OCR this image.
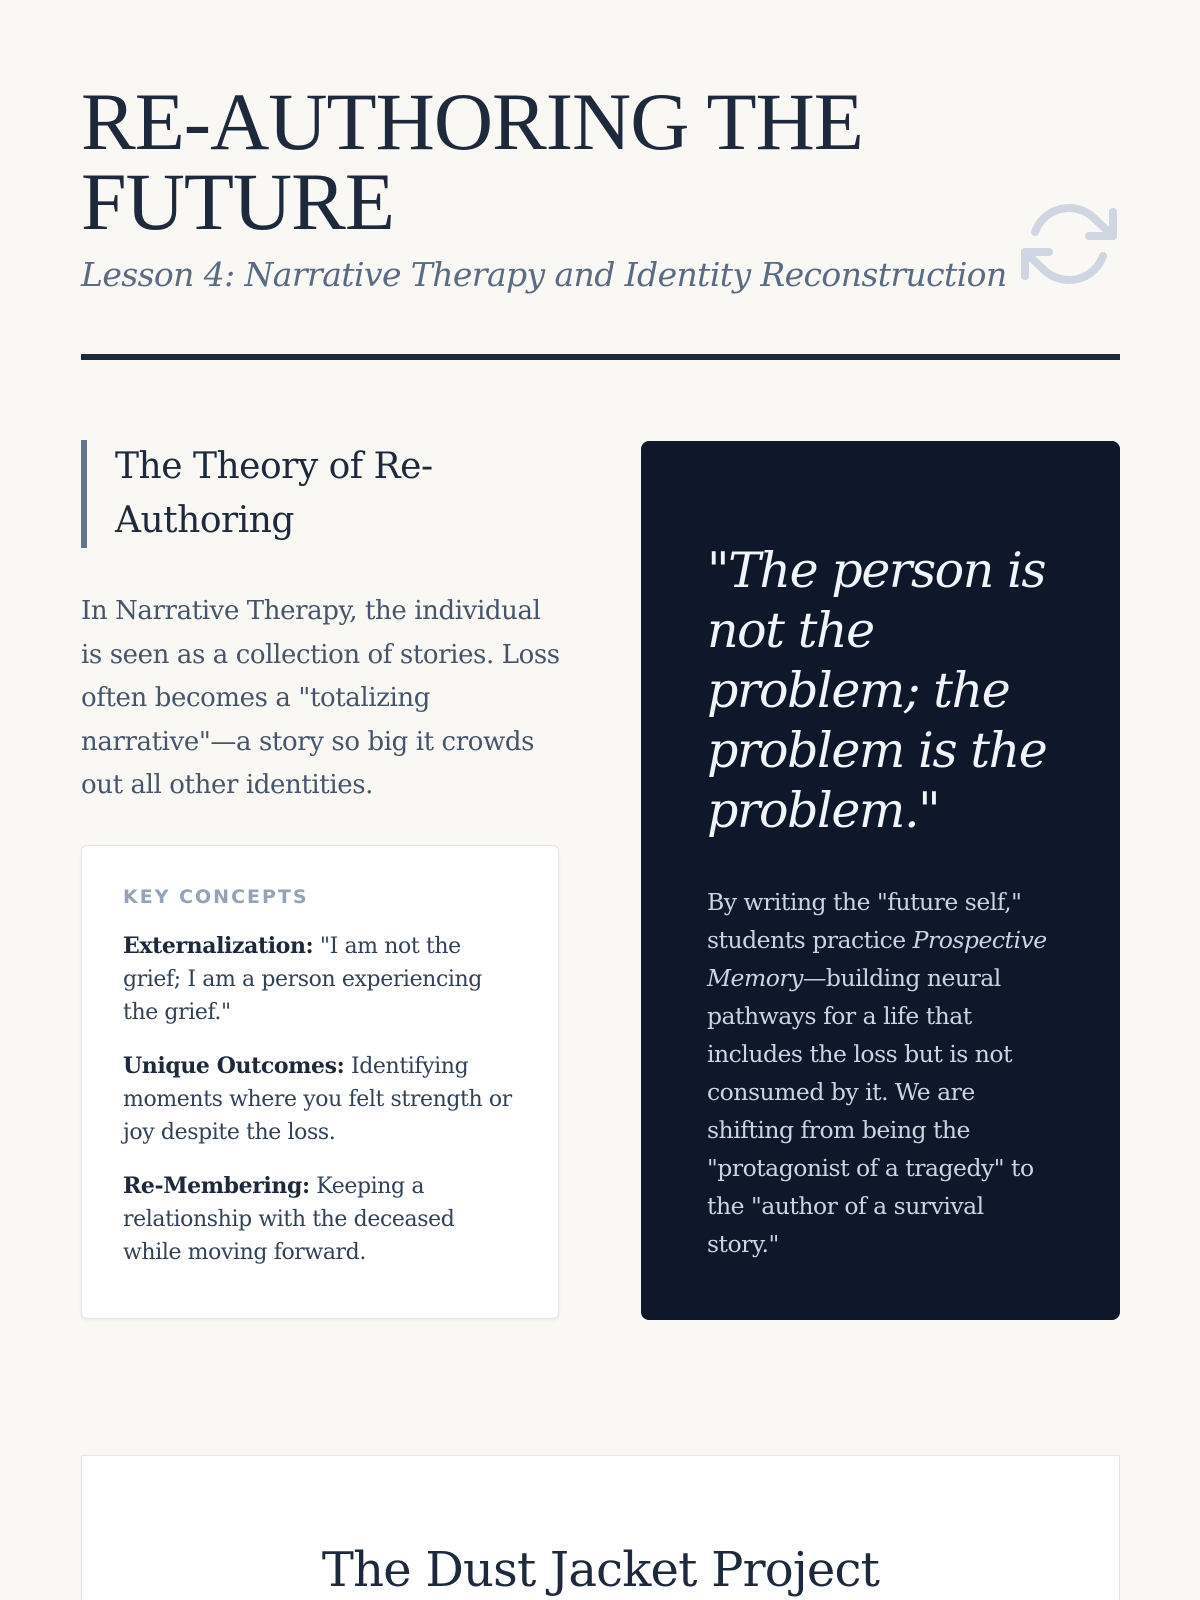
RE-AUTHORING THE FUTURE

Lesson 4: Narrative Therapy and Identity Reconstruction

The Theory of Re-Authoring

In Narrative Therapy, the individual is seen as a collection of stories. Loss often becomes a "totalizing narrative"—a story so big it crowds out all other identities.

KEY CONCEPTS

Externalization: "I am not the grief; I am a person experiencing the grief."

Unique Outcomes: Identifying moments where you felt strength or joy despite the loss.

Re-Membering: Keeping a relationship with the deceased while moving forward.

"The person is not the problem; the problem is the problem."

By writing the "future self," students practice Prospective Memory—building neural pathways for a life that includes the loss but is not consumed by it. We are shifting from being the "protagonist of a tragedy" to the "author of a survival story."

The Dust Jacket Project
